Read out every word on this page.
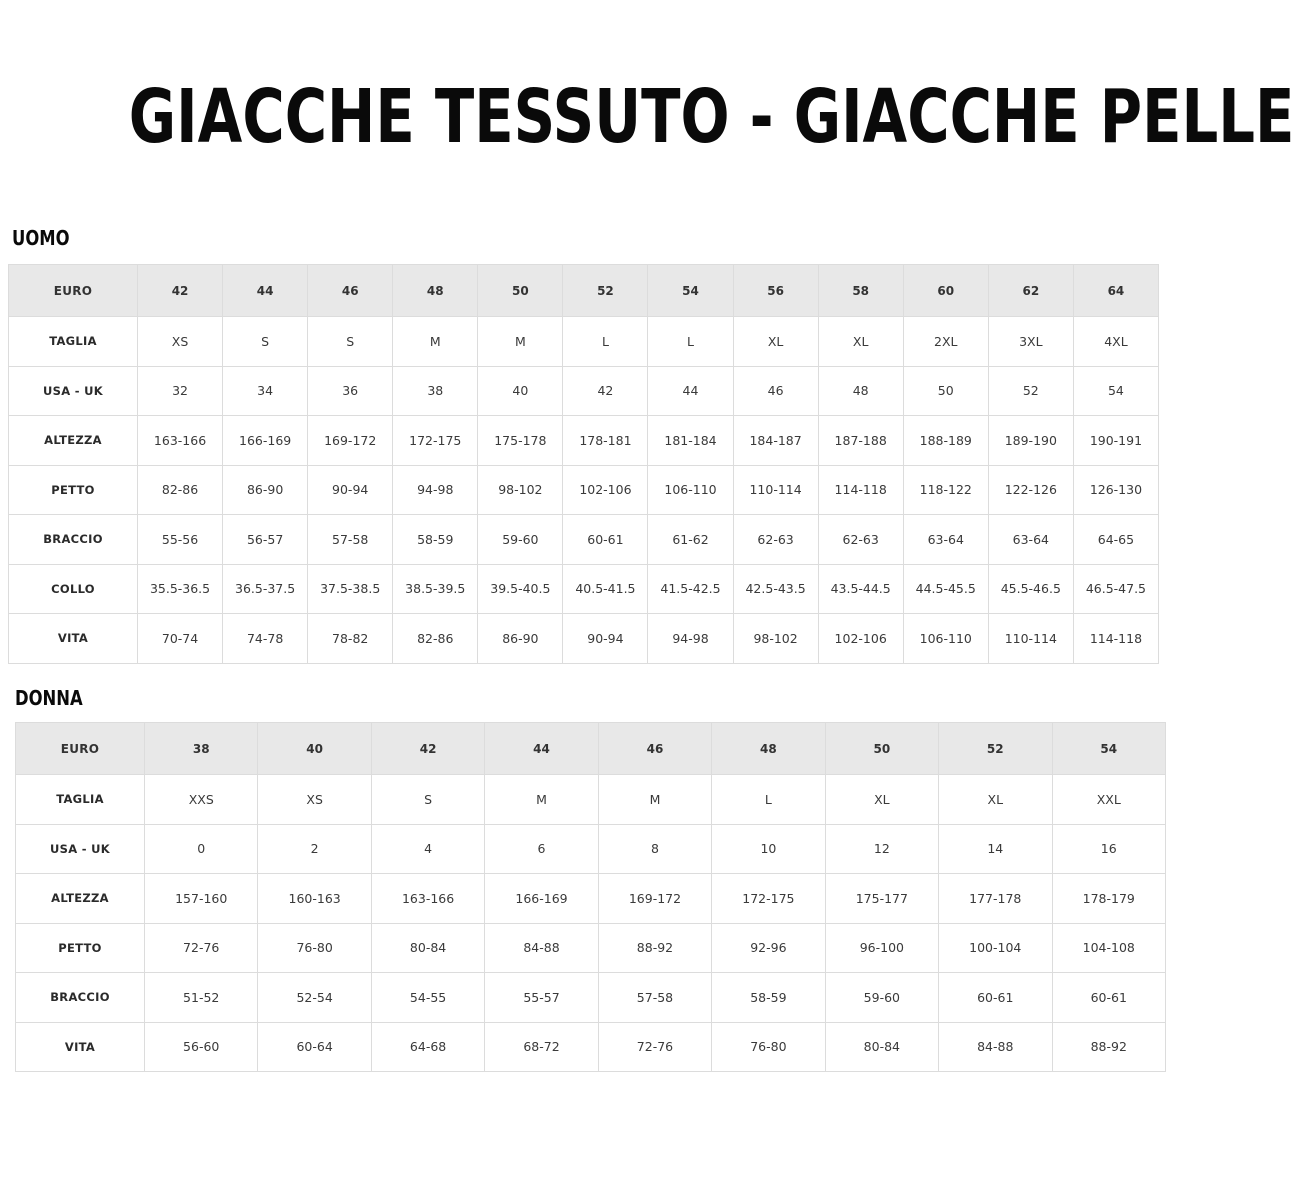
GIACCHE TESSUTO - GIACCHE PELLE
UOMO
EURO	42	44	46	48	50	52	54	56	58	60	62	64
TAGLIA	XS	S	S	M	M	L	L	XL	XL	2XL	3XL	4XL
USA - UK	32	34	36	38	40	42	44	46	48	50	52	54
ALTEZZA	163-166	166-169	169-172	172-175	175-178	178-181	181-184	184-187	187-188	188-189	189-190	190-191
PETTO	82-86	86-90	90-94	94-98	98-102	102-106	106-110	110-114	114-118	118-122	122-126	126-130
BRACCIO	55-56	56-57	57-58	58-59	59-60	60-61	61-62	62-63	62-63	63-64	63-64	64-65
COLLO	35.5-36.5	36.5-37.5	37.5-38.5	38.5-39.5	39.5-40.5	40.5-41.5	41.5-42.5	42.5-43.5	43.5-44.5	44.5-45.5	45.5-46.5	46.5-47.5
VITA	70-74	74-78	78-82	82-86	86-90	90-94	94-98	98-102	102-106	106-110	110-114	114-118
DONNA
EURO	38	40	42	44	46	48	50	52	54
TAGLIA	XXS	XS	S	M	M	L	XL	XL	XXL
USA - UK	0	2	4	6	8	10	12	14	16
ALTEZZA	157-160	160-163	163-166	166-169	169-172	172-175	175-177	177-178	178-179
PETTO	72-76	76-80	80-84	84-88	88-92	92-96	96-100	100-104	104-108
BRACCIO	51-52	52-54	54-55	55-57	57-58	58-59	59-60	60-61	60-61
VITA	56-60	60-64	64-68	68-72	72-76	76-80	80-84	84-88	88-92
